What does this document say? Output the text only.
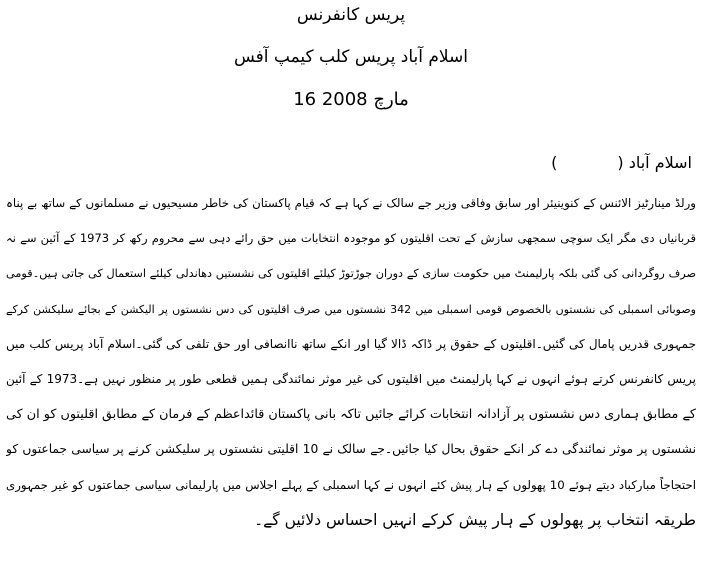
پریس کانفرنس
اسلام آباد پریس کلب کیمپ آفس
16 مارچ 2008
اسلام آباد ()
ورلڈ مینارٹیز الائنس کے کنوینیئر اور سابق وفاقی وزیر جے سالک نے کہا ہے کہ قیام پاکستان کی خاطر مسیحیوں نے مسلمانوں کے ساتھ بے پناہ
قربانیاں دی مگر ایک سوچی سمجھی سازش کے تحت اقلیتوں کو موجودہ انتخابات میں حق رائے دہی سے محروم رکھ کر 1973 کے آئین سے نہ
صرف روگردانی کی گئی بلکہ پارلیمنٹ میں حکومت سازی کے دوران جوڑتوڑ کیلئے اقلیتوں کی نشستیں دھاندلی کیلئے استعمال کی جاتی ہیں۔قومی
وصوبائی اسمبلی کی نشستوں بالخصوص قومی اسمبلی میں 342 نشستوں میں صرف اقلیتوں کی دس نشستوں پر الیکشن کے بجائے سلیکشن کرکے
جمہوری قدریں پامال کی گئیں۔اقلیتوں کے حقوق پر ڈاکہ ڈالا گیا اور انکے ساتھ ناانصافی اور حق تلفی کی گئی۔اسلام آباد پریس کلب میں
پریس کانفرنس کرتے ہوئے انہوں نے کہا پارلیمنٹ میں اقلیتوں کی غیر موثر نمائندگی ہمیں قطعی طور پر منظور نہیں ہے۔1973 کے آئین
کے مطابق ہماری دس نشستوں پر آزادانہ انتخابات کرائے جائیں تاکہ بانی پاکستان قائداعظم کے فرمان کے مطابق اقلیتوں کو ان کی
نشستوں پر موثر نمائندگی دے کر انکے حقوق بحال کیا جائیں۔جے سالک نے 10 اقلیتی نشستوں پر سلیکشن کرنے پر سیاسی جماعتوں کو
احتجاجاً مبارکباد دیتے ہوئے 10 پھولوں کے ہار پیش کئے انہوں نے کہا اسمبلی کے پہلے اجلاس میں پارلیمانی سیاسی جماعتوں کو غیر جمہوری
طریقہ انتخاب پر پھولوں کے ہار پیش کرکے انہیں احساس دلائیں گے۔
